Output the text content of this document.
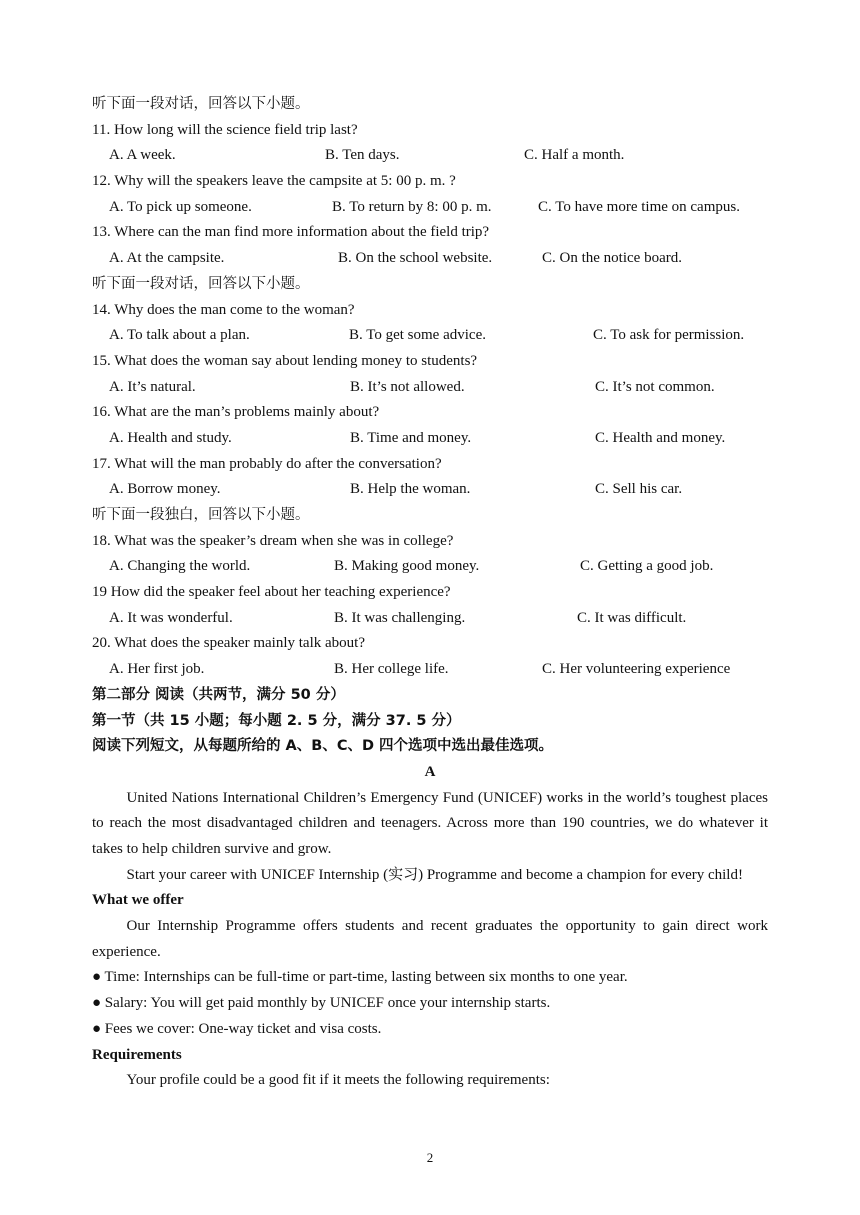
听下面一段对话，回答以下小题。
11. How long will the science field trip last?
A. A week.	B. Ten days.	C. Half a month.
12. Why will the speakers leave the campsite at 5: 00 p. m. ?
A. To pick up someone.	B. To return by 8: 00 p. m.	C. To have more time on campus.
13. Where can the man find more information about the field trip?
A. At the campsite.	B. On the school website.	C. On the notice board.
听下面一段对话，回答以下小题。
14. Why does the man come to the woman?
A. To talk about a plan.	B. To get some advice.	C. To ask for permission.
15. What does the woman say about lending money to students?
A. It’s natural.	B. It’s not allowed.	C. It’s not common.
16. What are the man’s problems mainly about?
A. Health and study.	B. Time and money.	C. Health and money.
17. What will the man probably do after the conversation?
A. Borrow money.	B. Help the woman.	C. Sell his car.
听下面一段独白，回答以下小题。
18. What was the speaker’s dream when she was in college?
A. Changing the world.	B. Making good money.	C. Getting a good job.
19 How did the speaker feel about her teaching experience?
A. It was wonderful.	B. It was challenging.	C. It was difficult.
20. What does the speaker mainly talk about?
A. Her first job.	B. Her college life.	C. Her volunteering experience
第二部分 阅读（共两节，满分 50 分）
第一节（共 15 小题；每小题 2. 5 分，满分 37. 5 分）
阅读下列短文，从每题所给的 A、B、C、D 四个选项中选出最佳选项。
A
United Nations International Children’s Emergency Fund (UNICEF) works in the world’s toughest places to reach the most disadvantaged children and teenagers. Across more than 190 countries, we do whatever it takes to help children survive and grow.
Start your career with UNICEF Internship (实习) Programme and become a champion for every child!
What we offer
Our Internship Programme offers students and recent graduates the opportunity to gain direct work experience.
● Time: Internships can be full-time or part-time, lasting between six months to one year.
● Salary: You will get paid monthly by UNICEF once your internship starts.
● Fees we cover: One-way ticket and visa costs.
Requirements
Your profile could be a good fit if it meets the following requirements:
2
